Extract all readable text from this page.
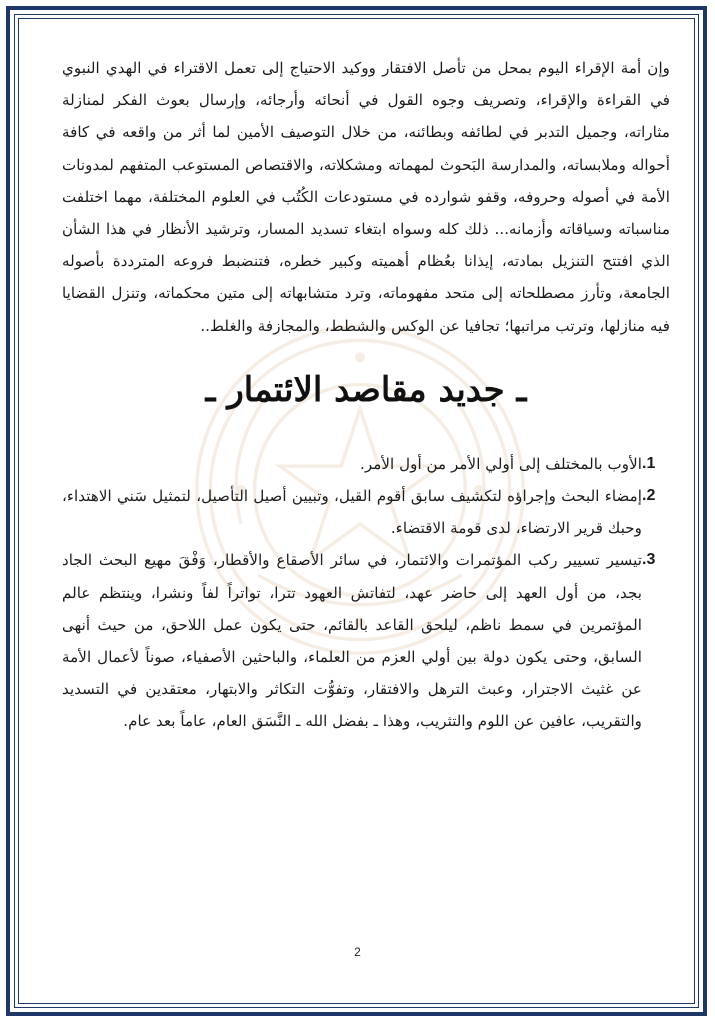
وإن أمة الإقراء اليوم بمحل من تأصل الافتقار ووكيد الاحتياج إلى تعمل الاقتراء في الهدي النبوي في القراءة والإقراء، وتصريف وجوه القول في أنحائه وأرجائه، وإرسال بعوث الفكر لمنازلة مثاراته، وجميل التدبر في لطائفه وبطائنه، من خلال التوصيف الأمين لما أثر من واقعه في كافة أحواله وملابساته، والمدارسة البَحوث لمهماته ومشكلاته، والاقتصاص المستوعب المتفهم لمدونات الأمة في أصوله وحروفه، وقفو شوارده في مستودعات الكُتُب في العلوم المختلفة، مهما اختلفت مناسباته وسياقاته وأزمانه... ذلك كله وسواه ابتغاء تسديد المسار، وترشيد الأنظار في هذا الشأن الذي افتتح التنزيل بمادته، إيذانا بعُظام أهميته وكبير خطره، فتنضبط فروعه المترددة بأصوله الجامعة، وتأرز مصطلحاته إلى متحد مفهوماته، وترد متشابهاته إلى متين محكماته، وتنزل القضايا فيه منازلها، وترتب مراتبها؛ تجافيا عن الوكس والشطط، والمجازفة والغلط..

ـ جديد مقاصد الائتمار ـ
.1
الأوب بالمختلف إلى أولي الأمر من أول الأمر.
.2
إمضاء البحث وإجراؤه لتكشيف سابق أقوم القيل، وتبيين أصيل التأصيل، لتمثيل سَني الاهتداء، وحبك قرير الارتضاء، لدى قومة الاقتضاء.
.3
تيسير تسيير ركب المؤتمرات والائتمار، في سائر الأصقاع والأقطار، وَفْقَ مهيع البحث الجاد بجد، من أول العهد إلى حاضر عهد، لتفاتش العهود تترا، تواتراً لفاً ونشرا، وينتظم عالم المؤتمرين في سمط ناظم، ليلحق القاعد بالقائم، حتى يكون عمل اللاحق، من حيث أنهى السابق، وحتى يكون دولة بين أولي العزم من العلماء، والباحثين الأصفياء، صوناً لأعمال الأمة عن غثيث الاجترار، وعبث الترهل والافتقار، وتفوُّت التكاثر والابتهار، معتقدين في التسديد والتقريب، عافين عن اللوم والتثريب، وهذا ـ بفضل الله ـ النَّسَق العام، عاماً بعد عام.
2
